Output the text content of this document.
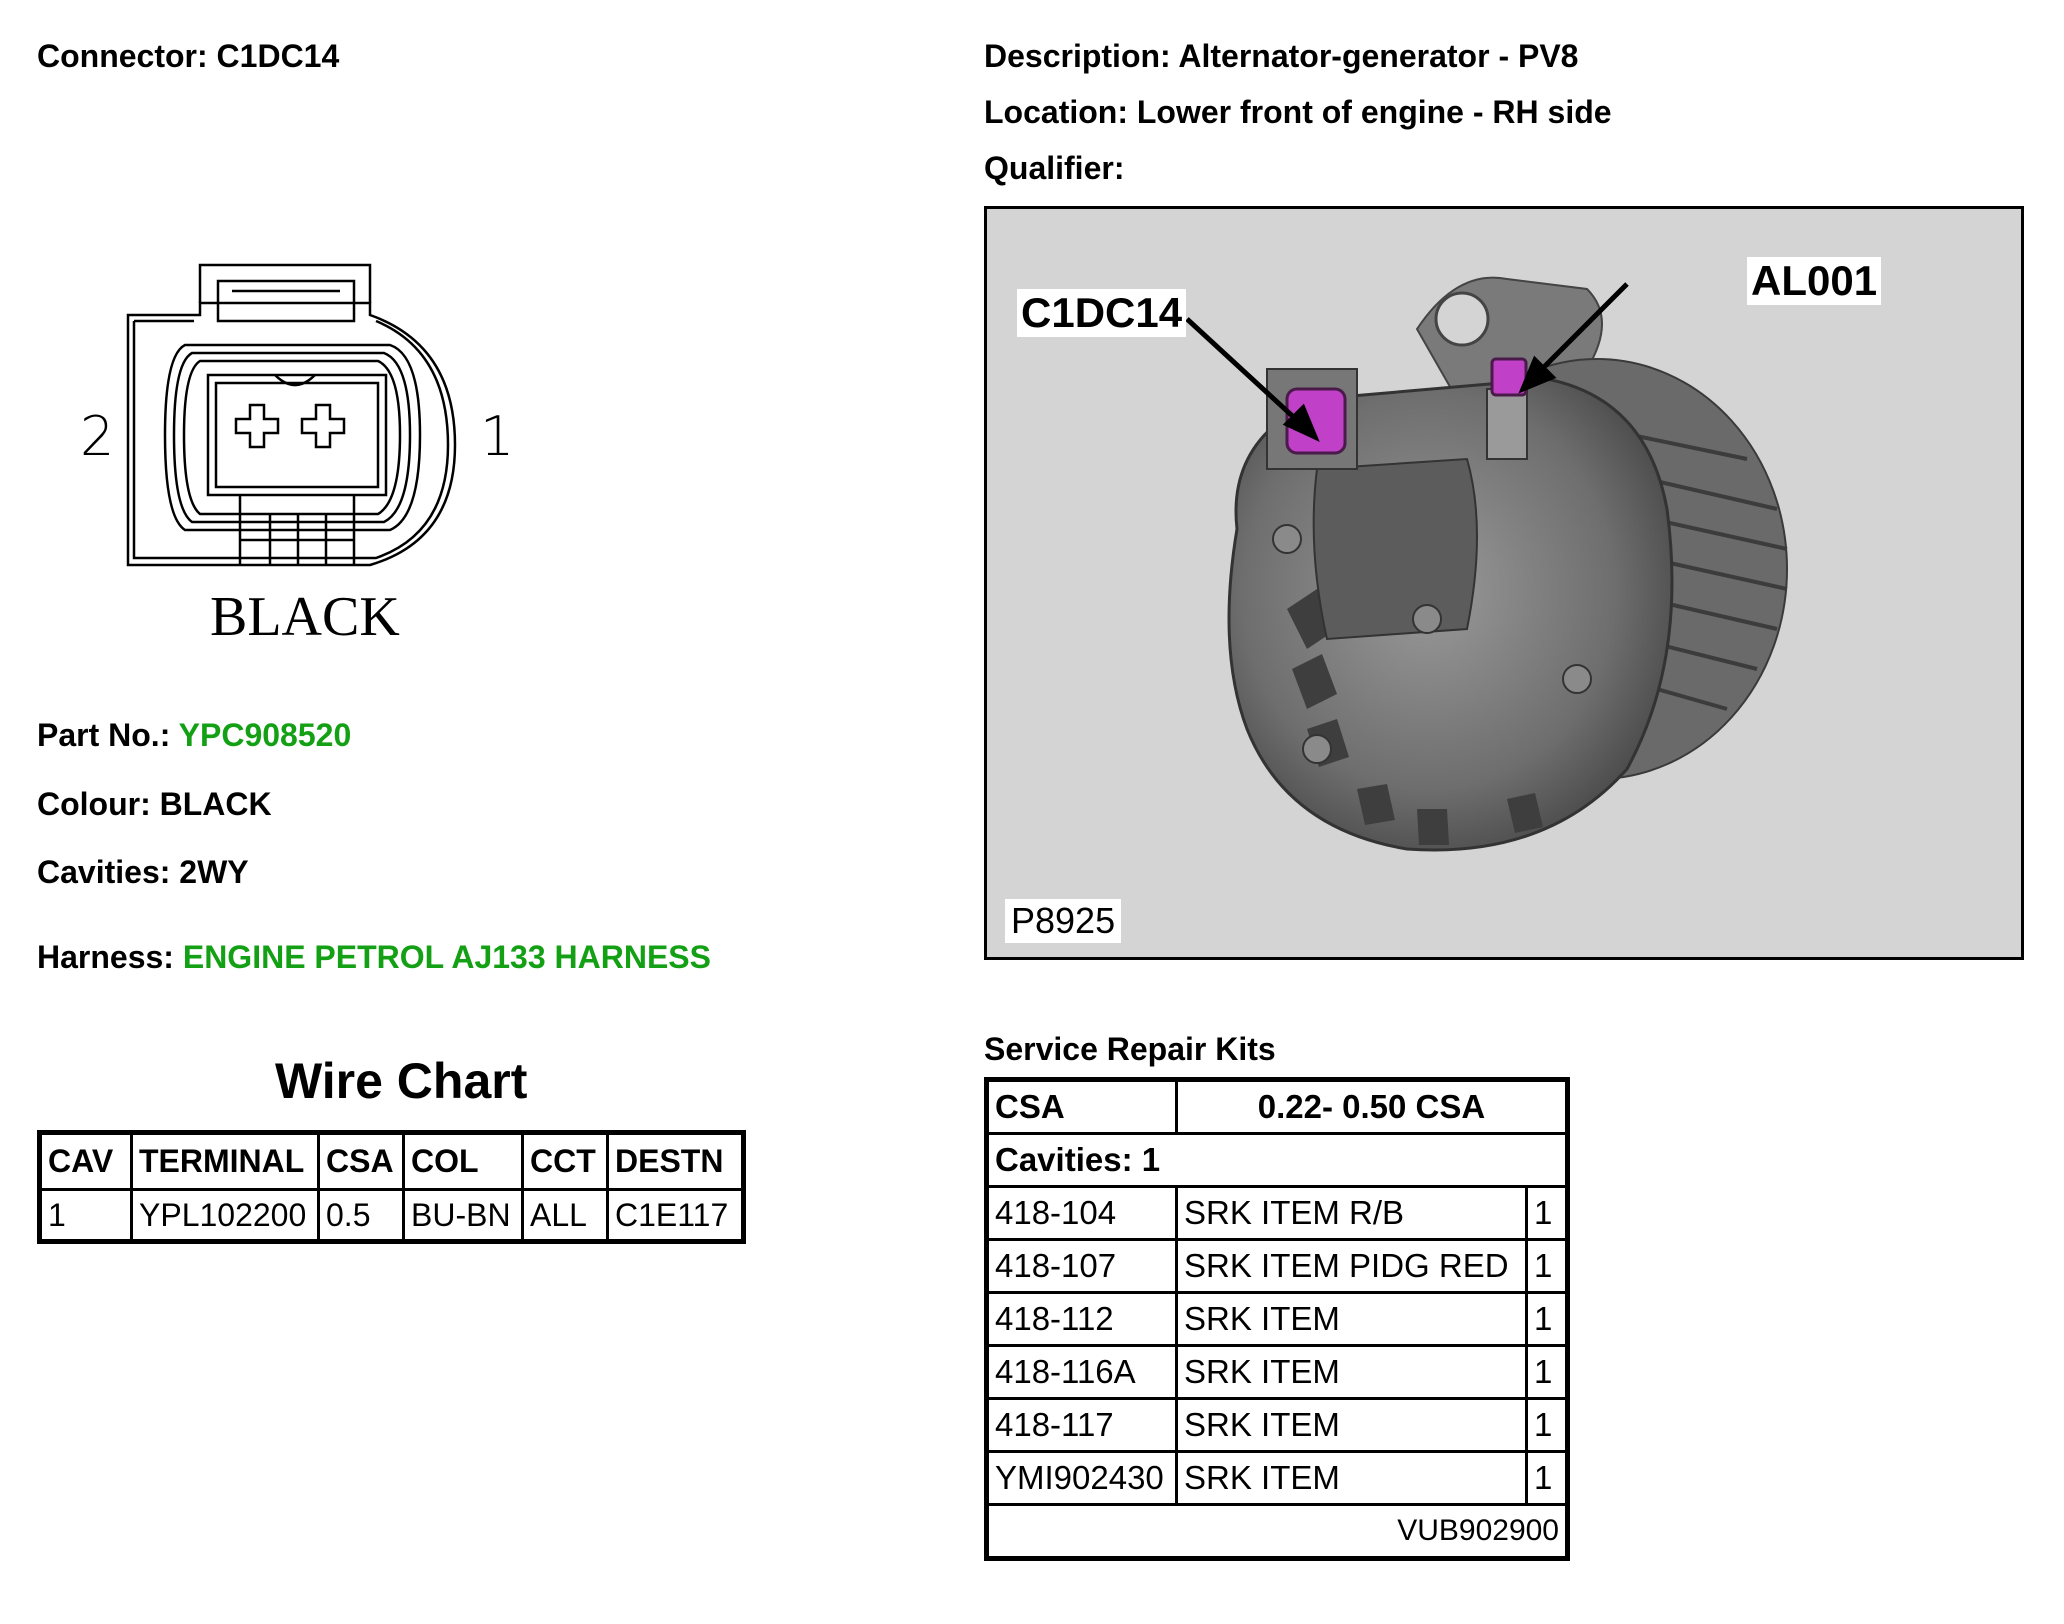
Connector: C1DC14
2	1
BLACK
Part No.: YPC908520
Colour: BLACK
Cavities: 2WY
Harness: ENGINE PETROL AJ133 HARNESS
Wire Chart
CAV	TERMINAL	CSA	COL	CCT	DESTN
1	YPL102200	0.5	BU-BN	ALL	C1E117
Description: Alternator-generator - PV8
Location: Lower front of engine - RH side
Qualifier:
C1DC14
AL001
P8925
Service Repair Kits
CSA	0.22- 0.50 CSA	
Cavities: 1		
418-104	SRK ITEM R/B	1
418-107	SRK ITEM PIDG RED	1
418-112	SRK ITEM	1
418-116A	SRK ITEM	1
418-117	SRK ITEM	1
YMI902430	SRK ITEM	1
VUB902900		
